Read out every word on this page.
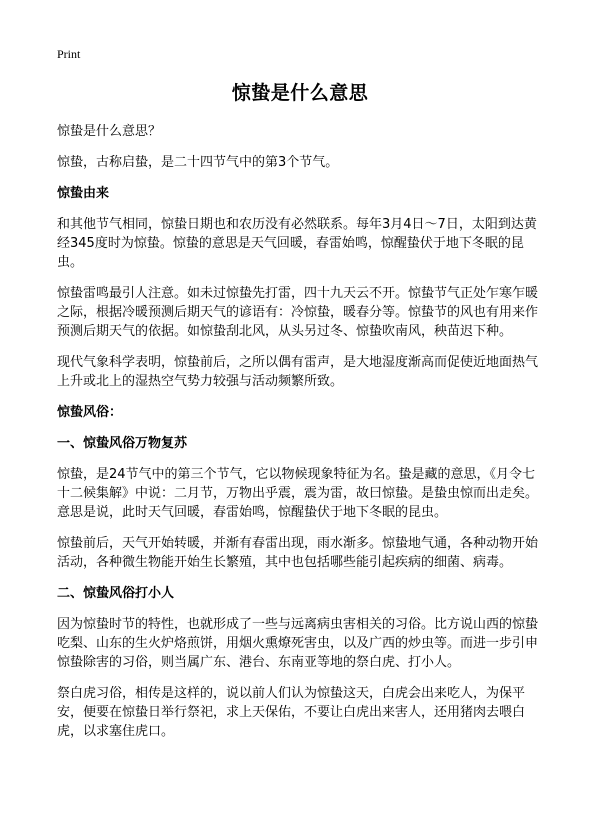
Print
惊蛰是什么意思

惊蛰是什么意思？

惊蛰，古称启蛰，是二十四节气中的第3个节气。

惊蛰由来

和其他节气相同，惊蛰日期也和农历没有必然联系。每年3月4日～7日，太阳到达黄经345度时为惊蛰。惊蛰的意思是天气回暖，春雷始鸣，惊醒蛰伏于地下冬眠的昆虫。

惊蛰雷鸣最引人注意。如未过惊蛰先打雷，四十九天云不开。惊蛰节气正处乍寒乍暖之际，根据冷暖预测后期天气的谚语有：冷惊蛰，暖春分等。惊蛰节的风也有用来作预测后期天气的依据。如惊蛰刮北风，从头另过冬、惊蛰吹南风，秧苗迟下种。

现代气象科学表明，惊蛰前后，之所以偶有雷声，是大地湿度渐高而促使近地面热气上升或北上的湿热空气势力较强与活动频繁所致。

惊蛰风俗：
一、惊蛰风俗万物复苏

惊蛰，是24节气中的第三个节气，它以物候现象特征为名。蛰是藏的意思，《月令七十二候集解》中说：二月节，万物出乎震，震为雷，故曰惊蛰。是蛰虫惊而出走矣。意思是说，此时天气回暖，春雷始鸣，惊醒蛰伏于地下冬眠的昆虫。

惊蛰前后，天气开始转暖，并渐有春雷出现，雨水渐多。惊蛰地气通，各种动物开始活动，各种微生物能开始生长繁殖，其中也包括哪些能引起疾病的细菌、病毒。

二、惊蛰风俗打小人

因为惊蛰时节的特性，也就形成了一些与远离病虫害相关的习俗。比方说山西的惊蛰吃梨、山东的生火炉烙煎饼，用烟火熏燎死害虫，以及广西的炒虫等。而进一步引申惊蛰除害的习俗，则当属广东、港台、东南亚等地的祭白虎、打小人。

祭白虎习俗，相传是这样的，说以前人们认为惊蛰这天，白虎会出来吃人，为保平安，便要在惊蛰日举行祭祀，求上天保佑，不要让白虎出来害人，还用猪肉去喂白虎，以求塞住虎口。
